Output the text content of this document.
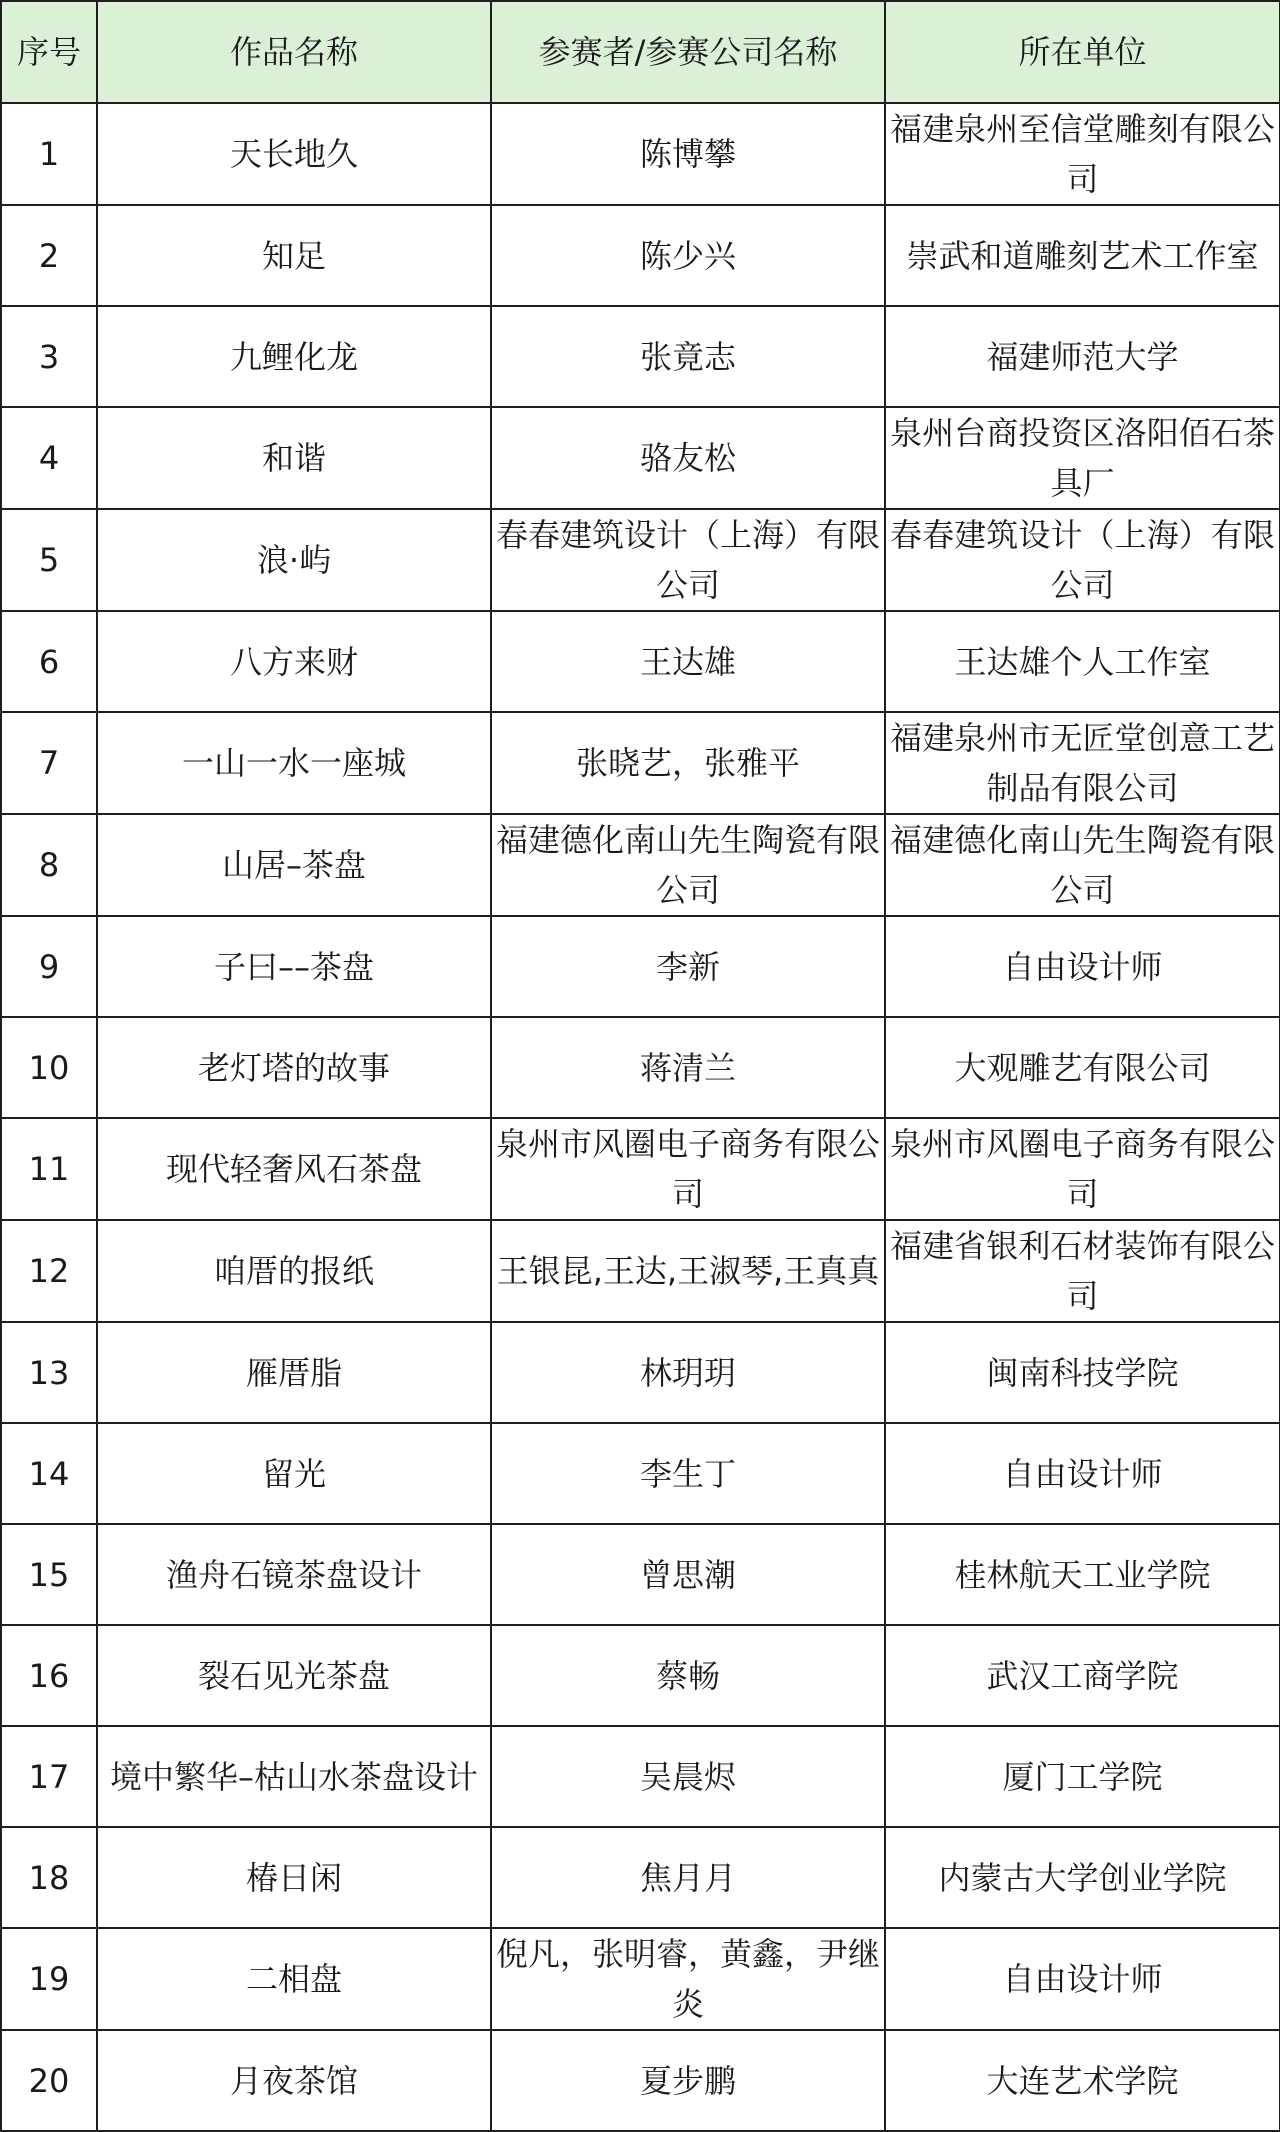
序号	作品名称	参赛者/参赛公司名称	所在单位
1	天长地久	陈博攀	福建泉州至信堂雕刻有限公司
2	知足	陈少兴	崇武和道雕刻艺术工作室
3	九鲤化龙	张竟志	福建师范大学
4	和谐	骆友松	泉州台商投资区洛阳佰石茶具厂
5	浪·屿	春春建筑设计（上海）有限公司	春春建筑设计（上海）有限公司
6	八方来财	王达雄	王达雄个人工作室
7	一山一水一座城	张晓艺，张雅平	福建泉州市无匠堂创意工艺制品有限公司
8	山居–茶盘	福建德化南山先生陶瓷有限公司	福建德化南山先生陶瓷有限公司
9	子曰––茶盘	李新	自由设计师
10	老灯塔的故事	蒋清兰	大观雕艺有限公司
11	现代轻奢风石茶盘	泉州市风圈电子商务有限公司	泉州市风圈电子商务有限公司
12	咱厝的报纸	王银昆,王达,王淑琴,王真真	福建省银利石材装饰有限公司
13	雁厝脂	林玥玥	闽南科技学院
14	留光	李生丁	自由设计师
15	渔舟石镜茶盘设计	曾思潮	桂林航天工业学院
16	裂石见光茶盘	蔡畅	武汉工商学院
17	境中繁华–枯山水茶盘设计	吴晨烬	厦门工学院
18	椿日闲	焦月月	内蒙古大学创业学院
19	二相盘	倪凡，张明睿，黄鑫，尹继炎	自由设计师
20	月夜茶馆	夏步鹏	大连艺术学院
